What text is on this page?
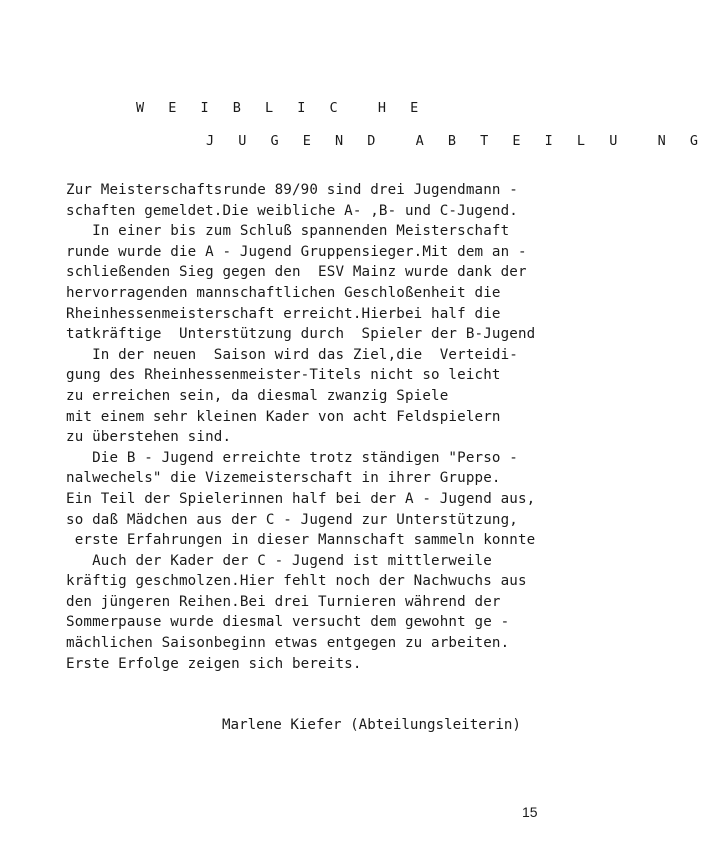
W E I B L I C  H E
J U G E N D  A B T E I L U  N G
Zur Meisterschaftsrunde 89/90 sind drei Jugendmann -
schaften gemeldet.Die weibliche A- ,B- und C-Jugend.
In einer bis zum Schluß spannenden Meisterschaft
runde wurde die A - Jugend Gruppensieger.Mit dem an -
schließenden Sieg gegen den  ESV Mainz wurde dank der
hervorragenden mannschaftlichen Geschloßenheit die
Rheinhessenmeisterschaft erreicht.Hierbei half die
tatkräftige  Unterstützung durch  Spieler der B-Jugend
In der neuen  Saison wird das Ziel,die  Verteidi-
gung des Rheinhessenmeister-Titels nicht so leicht
zu erreichen sein, da diesmal zwanzig Spiele
mit einem sehr kleinen Kader von acht Feldspielern
zu überstehen sind.
Die B - Jugend erreichte trotz ständigen "Perso -
nalwechels" die Vizemeisterschaft in ihrer Gruppe.
Ein Teil der Spielerinnen half bei der A - Jugend aus,
so daß Mädchen aus der C - Jugend zur Unterstützung,
erste Erfahrungen in dieser Mannschaft sammeln konnte
Auch der Kader der C - Jugend ist mittlerweile
kräftig geschmolzen.Hier fehlt noch der Nachwuchs aus
den jüngeren Reihen.Bei drei Turnieren während der
Sommerpause wurde diesmal versucht dem gewohnt ge -
mächlichen Saisonbeginn etwas entgegen zu arbeiten.
Erste Erfolge zeigen sich bereits.
Marlene Kiefer (Abteilungsleiterin)
15
